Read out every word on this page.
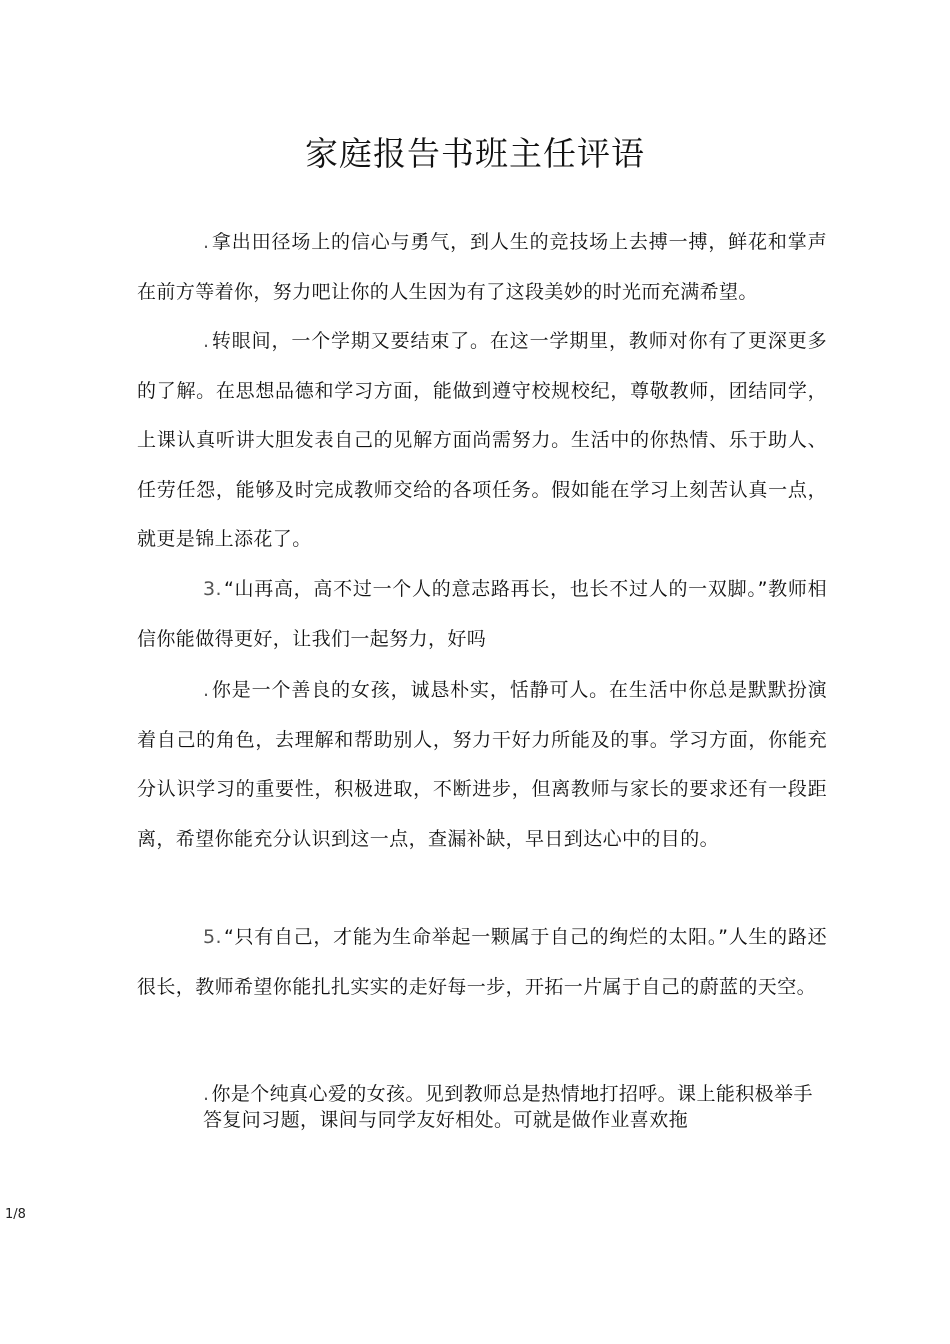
家庭报告书班主任评语

. 拿出田径场上的信心与勇气，到人生的竞技场上去搏一搏，鲜花和掌声在前方等着你，努力吧让你的人生因为有了这段美妙的时光而充满希望。

. 转眼间，一个学期又要结束了。在这一学期里，教师对你有了更深更多的了解。在思想品德和学习方面，能做到遵守校规校纪，尊敬教师，团结同学，上课认真听讲大胆发表自己的见解方面尚需努力。生活中的你热情、乐于助人、任劳任怨，能够及时完成教师交给的各项任务。假如能在学习上刻苦认真一点，就更是锦上添花了。

3. “山再高，高不过一个人的意志路再长，也长不过人的一双脚。”教师相信你能做得更好，让我们一起努力，好吗

. 你是一个善良的女孩，诚恳朴实，恬静可人。在生活中你总是默默扮演着自己的角色，去理解和帮助别人，努力干好力所能及的事。学习方面，你能充分认识学习的重要性，积极进取，不断进步，但离教师与家长的要求还有一段距离，希望你能充分认识到这一点，查漏补缺，早日到达心中的目的。

5. “只有自己，才能为生命举起一颗属于自己的绚烂的太阳。”人生的路还很长，教师希望你能扎扎实实的走好每一步，开拓一片属于自己的蔚蓝的天空。

. 你是个纯真心爱的女孩。见到教师总是热情地打招呼。课上能积极举手答复问习题，课间与同学友好相处。可就是做作业喜欢拖

1/8
